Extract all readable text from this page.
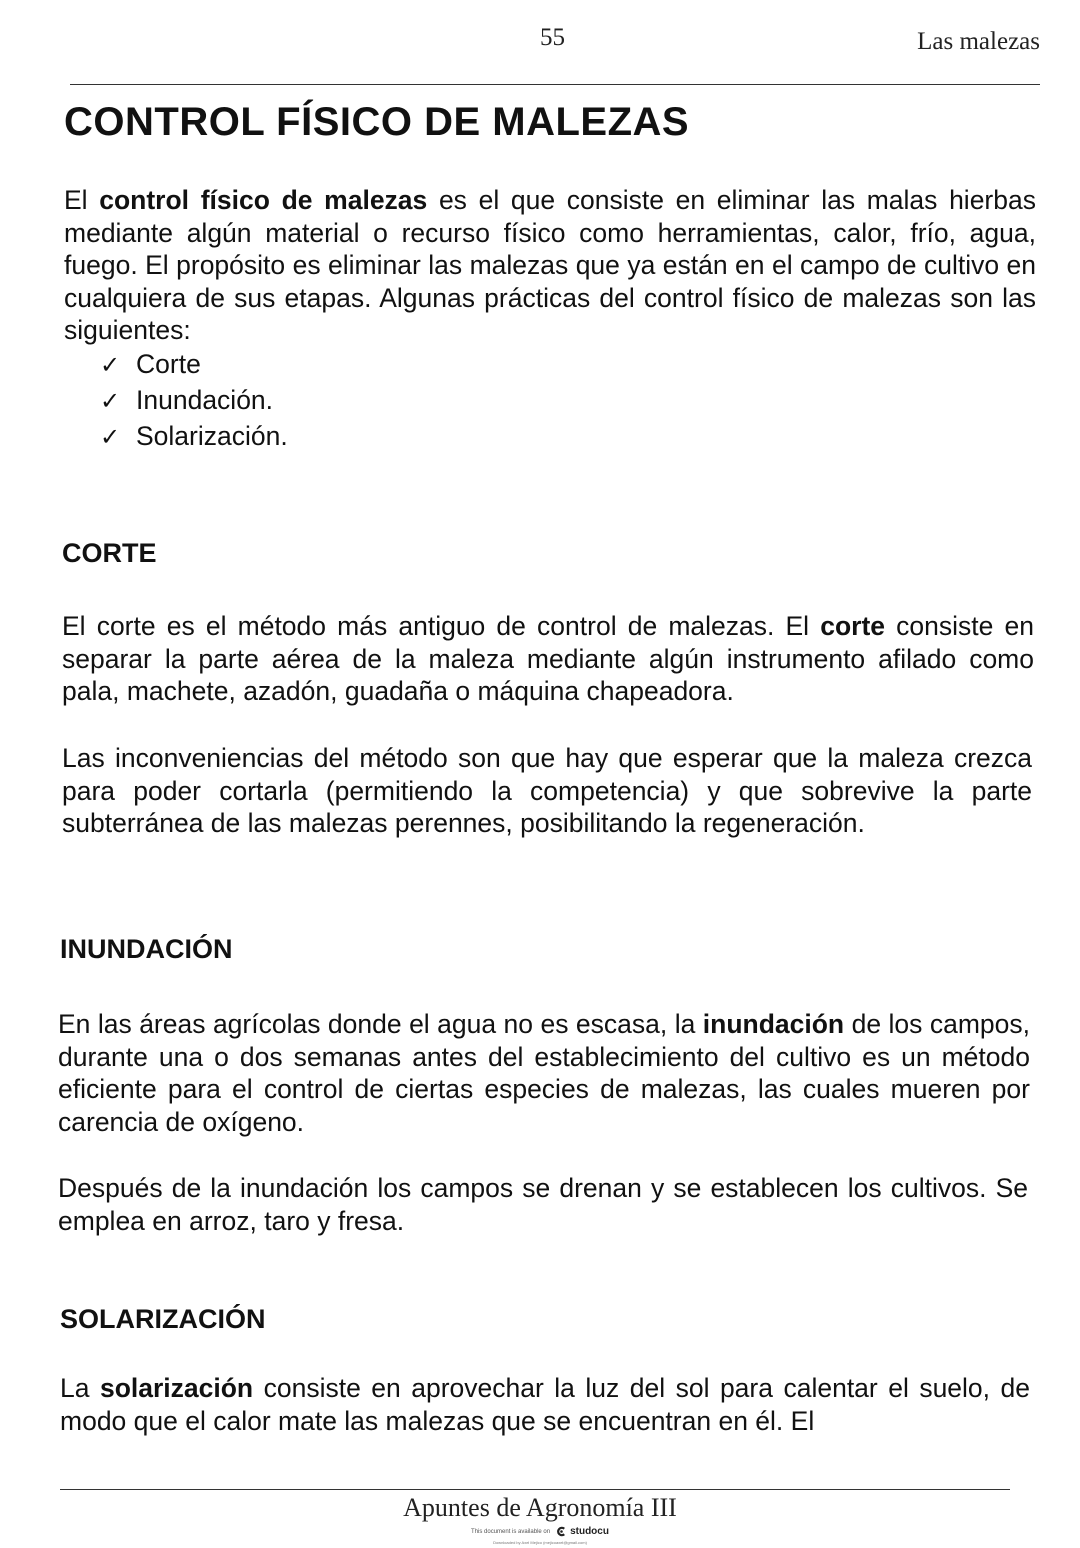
55	Las malezas
CONTROL FÍSICO DE MALEZAS

El control físico de malezas es el que consiste en eliminar las malas hierbas mediante algún material o recurso físico como herramientas, calor, frío, agua, fuego. El propósito es eliminar las malezas que ya están en el campo de cultivo en cualquiera de sus etapas. Algunas prácticas del control físico de malezas son las siguientes:

✓ Corte
✓ Inundación.
✓ Solarización.
CORTE

El corte es el método más antiguo de control de malezas. El corte consiste en separar la parte aérea de la maleza mediante algún instrumento afilado como pala, machete, azadón, guadaña o máquina chapeadora.

Las inconveniencias del método son que hay que esperar que la maleza crezca para poder cortarla (permitiendo la competencia) y que sobrevive la parte subterránea de las malezas perennes, posibilitando la regeneración.

INUNDACIÓN

En las áreas agrícolas donde el agua no es escasa, la inundación de los campos, durante una o dos semanas antes del establecimiento del cultivo es un método eficiente para el control de ciertas especies de malezas, las cuales mueren por carencia de oxígeno.

Después de la inundación los campos se drenan y se establecen los cultivos. Se emplea en arroz, taro y fresa.

SOLARIZACIÓN

La solarización consiste en aprovechar la luz del sol para calentar el suelo, de modo que el calor mate las malezas que se encuentran en él. El

Apuntes de Agronomía III
This document is available on studocu
Downloaded by Axel Mejico (mejicoaxel@gmail.com)
